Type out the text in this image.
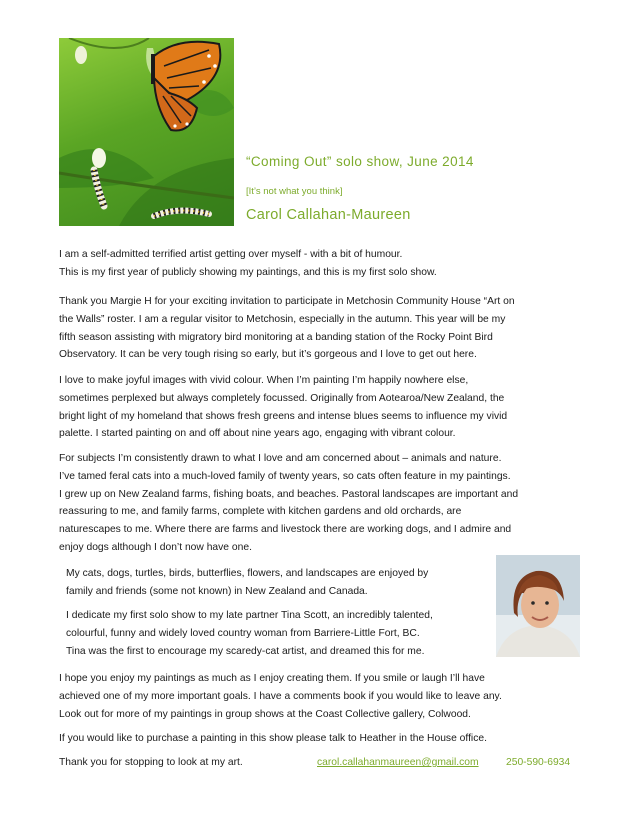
“Coming Out” solo show, June 2014
[It’s not what you think]
Carol Callahan-Maureen

I am a self-admitted terrified artist getting over myself - with a bit of humour.
This is my first year of publicly showing my paintings, and this is my first solo show.

Thank you Margie H for your exciting invitation to participate in Metchosin Community House “Art on
the Walls” roster. I am a regular visitor to Metchosin, especially in the autumn. This year will be my
fifth season assisting with migratory bird monitoring at a banding station of the Rocky Point Bird
Observatory. It can be very tough rising so early, but it’s gorgeous and I love to get out here.

I love to make joyful images with vivid colour. When I’m painting I’m happily nowhere else,
sometimes perplexed but always completely focussed. Originally from Aotearoa/New Zealand, the
bright light of my homeland that shows fresh greens and intense blues seems to influence my vivid
palette. I started painting on and off about nine years ago, engaging with vibrant colour.

For subjects I’m consistently drawn to what I love and am concerned about – animals and nature.
I’ve tamed feral cats into a much-loved family of twenty years, so cats often feature in my paintings.
I grew up on New Zealand farms, fishing boats, and beaches. Pastoral landscapes are important and
reassuring to me, and family farms, complete with kitchen gardens and old orchards, are
naturescapes to me. Where there are farms and livestock there are working dogs, and I admire and
enjoy dogs although I don’t now have one.

My cats, dogs, turtles, birds, butterflies, flowers, and landscapes are enjoyed by
family and friends (some not known) in New Zealand and Canada.

I dedicate my first solo show to my late partner Tina Scott, an incredibly talented,
colourful, funny and widely loved country woman from Barriere-Little Fort, BC.
Tina was the first to encourage my scaredy-cat artist, and dreamed this for me.

I hope you enjoy my paintings as much as I enjoy creating them. If you smile or laugh I’ll have
achieved one of my more important goals. I have a comments book if you would like to leave any.
Look out for more of my paintings in group shows at the Coast Collective gallery, Colwood.

If you would like to purchase a painting in this show please talk to Heather in the House office.

Thank you for stopping to look at my art.	carol.callahanmaureen@gmail.com	250-590-6934
